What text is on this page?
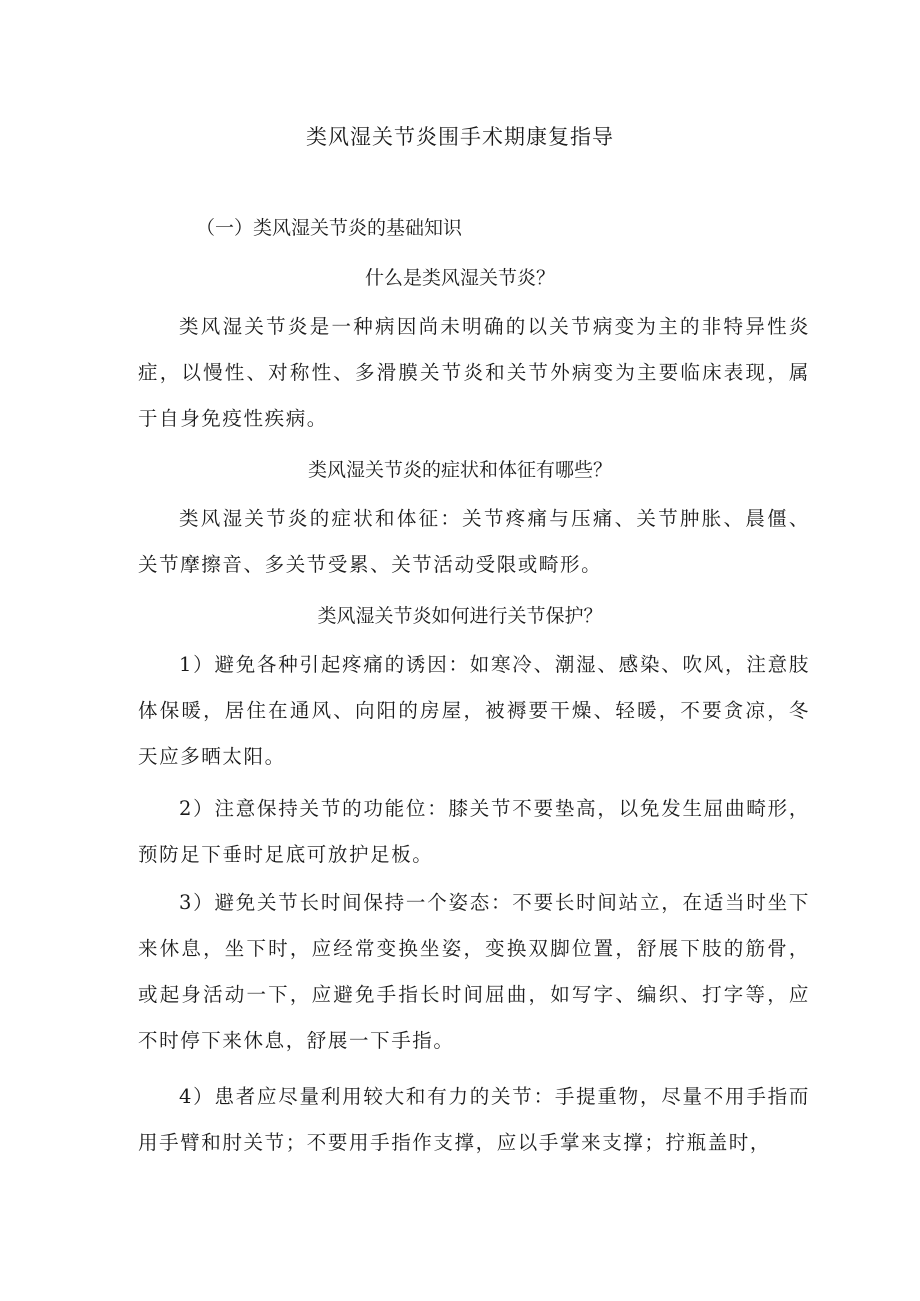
类风湿关节炎围手术期康复指导
（一）类风湿关节炎的基础知识
什么是类风湿关节炎？

类风湿关节炎是一种病因尚未明确的以关节病变为主的非特异性炎症，以慢性、对称性、多滑膜关节炎和关节外病变为主要临床表现，属于自身免疫性疾病。

类风湿关节炎的症状和体征有哪些？

类风湿关节炎的症状和体征：关节疼痛与压痛、关节肿胀、晨僵、关节摩擦音、多关节受累、关节活动受限或畸形。

类风湿关节炎如何进行关节保护？

1）避免各种引起疼痛的诱因：如寒冷、潮湿、感染、吹风，注意肢体保暖，居住在通风、向阳的房屋，被褥要干燥、轻暖，不要贪凉，冬天应多晒太阳。

2）注意保持关节的功能位：膝关节不要垫高，以免发生屈曲畸形，预防足下垂时足底可放护足板。

3）避免关节长时间保持一个姿态：不要长时间站立，在适当时坐下来休息，坐下时，应经常变换坐姿，变换双脚位置，舒展下肢的筋骨，或起身活动一下，应避免手指长时间屈曲，如写字、编织、打字等，应不时停下来休息，舒展一下手指。

4）患者应尽量利用较大和有力的关节：手提重物，尽量不用手指而用手臂和肘关节；不要用手指作支撑，应以手掌来支撑；拧瓶盖时，
